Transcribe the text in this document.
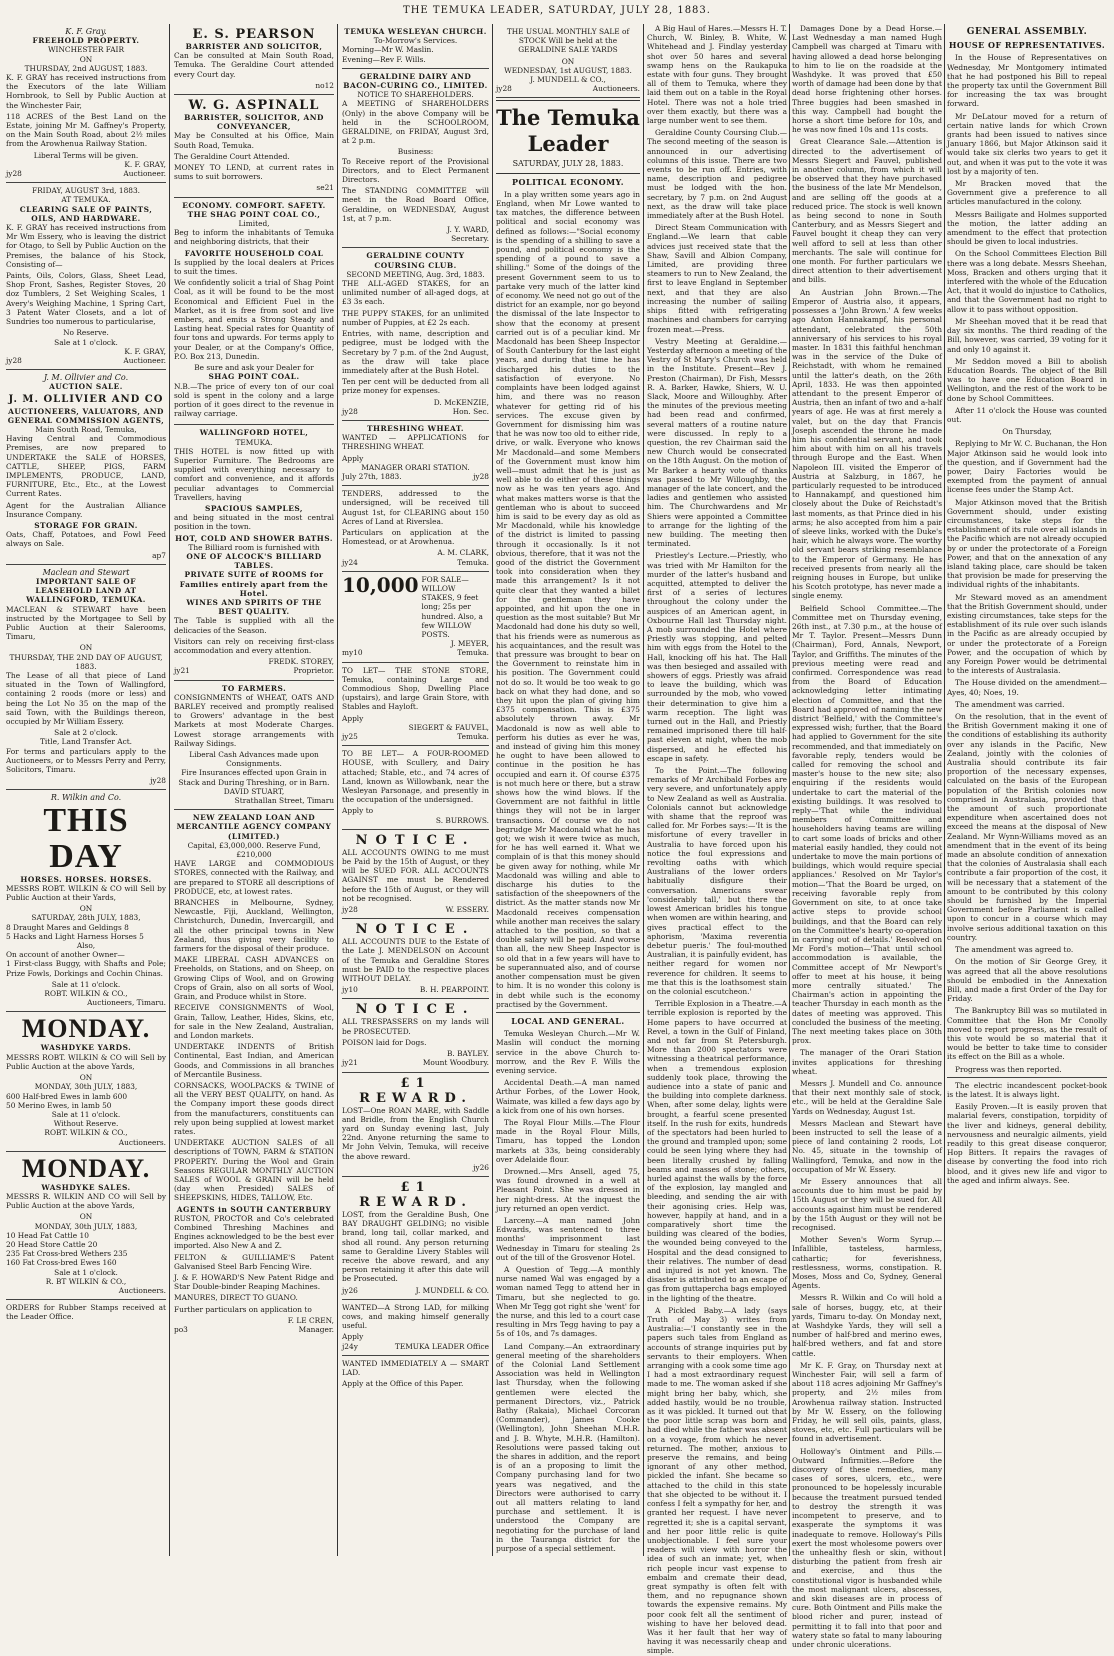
THE TEMUKA LEADER, SATURDAY, JULY 28, 1883.
K. F. Gray.
FREEHOLD PROPERTY.
WINCHESTER FAIR
ON
THURSDAY, 2nd AUGUST, 1883.

K. F. GRAY has received instructions from the Executors of the late William Hornbrook, to Sell by Public Auction at the Winchester Fair,

118 ACRES of the Best Land on the Estate, joining Mr M. Gaffney's Property, on the Main South Road, about 2½ miles from the Arowhenua Railway Station.

Liberal Terms will be given.
K. F. GRAY,
jy28	Auctioneer.
FRIDAY, AUGUST 3rd, 1883.
AT TEMUKA.
CLEARING SALE OF PAINTS, OILS, AND HARDWARE.

K. F. GRAY has received instructions from Mr Wm Essery, who is leaving the district for Otago, to Sell by Public Auction on the Premises, the balance of his Stock, Consisting of—

Paints, Oils, Colors, Glass, Sheet Lead, Shop Front, Sashes, Register Stoves, 20 doz Tumblers, 2 Set Weighing Scales, 1 Avery's Weighing Machine, 1 Spring Cart, 3 Patent Water Closets, and a lot of Sundries too numerous to particularise,

No Reserve.
Sale at 1 o'clock.
K. F. GRAY,
jy28	Auctioneer.
J. M. Ollivier and Co.
AUCTION SALE.
J. M. OLLIVIER AND CO
AUCTIONEERS, VALUATORS, AND GENERAL COMMISSION AGENTS,
Main South Road, Temuka,

Having Central and Commodious Premises, are now prepared to UNDERTAKE the SALE of HORSES, CATTLE, SHEEP, PIGS, FARM IMPLEMENTS, PRODUCE, LAND, FURNITURE, Etc., Etc., at the Lowest Current Rates.

Agent for the Australian Alliance Insurance Company.

STORAGE FOR GRAIN.

Oats, Chaff, Potatoes, and Fowl Feed always on Sale.

ap7
Maclean and Stewart
IMPORTANT SALE OF LEASEHOLD LAND AT WALLINGFORD, TEMUKA.

MACLEAN & STEWART have been instructed by the Mortgagee to Sell by Public Auction at their Salerooms, Timaru,

ON
THURSDAY, THE 2ND DAY OF AUGUST, 1883.

The Lease of all that piece of Land situated in the Town of Wallingford, containing 2 roods (more or less) and being the Lot No 35 on the map of the said Town, with the Buildings thereon, occupied by Mr William Essery.

Sale at 2 o'clock.
Title, Land Transfer Act.

For terms and particulars apply to the Auctioneers, or to Messrs Perry and Perry, Solicitors, Timaru.

jy28
R. Wilkin and Co.
THIS DAY
HORSES. HORSES. HORSES.

MESSRS ROBT. WILKIN & CO will Sell by Public Auction at their Yards,

ON
SATURDAY, 28th JULY, 1883,
8 Draught Mares and Geldings 8
5 Hacks and Light Harness Horses 5
Also,
On account of another Owner—

1 First-class Buggy, with Shafts and Pole; Prize Fowls, Dorkings and Cochin Chinas.

Sale at 11 o'clock.
ROBT. WILKIN & CO.,
Auctioneers, Timaru.
MONDAY.
WASHDYKE YARDS.

MESSRS ROBT. WILKIN & CO will Sell by Public Auction at the above Yards,

ON
MONDAY, 30th JULY, 1883,
600 Half-bred Ewes in lamb 600
50 Merino Ewes, in lamb 50
Sale at 11 o'clock.
Without Reserve.
ROBT. WILKIN & CO.,
Auctioneers.
MONDAY.
WASHDYKE SALES.

MESSRS R. WILKIN AND CO will Sell by Public Auction at the above Yards,

ON
MONDAY, 30th JULY, 1883,
10 Head Fat Cattle 10
20 Head Store Cattle 20
235 Fat Cross-bred Wethers 235
160 Fat Cross-bred Ewes 160
Sale at 1 o'clock.
R. BT WILKIN & CO.,
Auctioneers.

ORDERS for Rubber Stamps received at the Leader Office.

E. S. PEARSON
BARRISTER AND SOLICITOR,

Can be consulted at Main South Road, Temuka. The Geraldine Court attended every Court day.

no12
W. G. ASPINALL
BARRISTER, SOLICITOR, AND CONVEYANCER,

May be Consulted at his Office, Main South Road, Temuka.

The Geraldine Court Attended.

MONEY TO LEND, at current rates in sums to suit borrowers.

se21
ECONOMY. COMFORT. SAFETY.
THE SHAG POINT COAL CO.,
Limited,

Beg to inform the inhabitants of Temuka and neighboring districts, that their

FAVORITE HOUSEHOLD COAL

Is supplied by the local dealers at Prices to suit the times.

We confidently solicit a trial of Shag Point Coal, as it will be found to be the most Economical and Efficient Fuel in the Market, as it is free from soot and live embers, and emits a Strong Steady and Lasting heat. Special rates for Quantity of four tons and upwards. For terms apply to your Dealer, or at the Company's Office, P.O. Box 213, Dunedin.

Be sure and ask your Dealer for
SHAG POINT COAL.

N.B.—The price of every ton of our coal sold is spent in the colony and a large portion of it goes direct to the revenue in railway carriage.

WALLINGFORD HOTEL,
TEMUKA.

THIS HOTEL is now fitted up with Superior Furniture. The Bedrooms are supplied with everything necessary to comfort and convenience, and it affords peculiar advantages to Commercial Travellers, having

SPACIOUS SAMPLES,

and being situated in the most central position in the town.

HOT, COLD AND SHOWER BATHS.
The Billiard room is furnished with
ONE OF ALCOCK'S BILLIARD TABLES.
PRIVATE SUITE of ROOMS for Families entirely apart from the Hotel.
WINES AND SPIRITS OF THE BEST QUALITY.

The Table is supplied with all the delicacies of the Season.

Visitors can rely on receiving first-class accommodation and every attention.

FREDK. STOREY,
jy21	Proprietor.
TO FARMERS.

CONSIGNMENTS of WHEAT, OATS AND BARLEY received and promptly realised to Growers' advantage in the best Markets at most Moderate Charges. Lowest storage arrangements with Railway Sidings.

Liberal Cash Advances made upon Consignments.
Fire Insurances effected upon Grain in Stack and During Threshing, or in Barn.
DAVID STUART,
Strathallan Street, Timaru
NEW ZEALAND LOAN AND MERCANTILE AGENCY COMPANY (LIMITED.)
Capital, £3,000,000. Reserve Fund, £210,000

HAVE LARGE and COMMODIOUS STORES, connected with the Railway, and are prepared to STORE all descriptions of PRODUCE, etc, at lowest rates.

BRANCHES in Melbourne, Sydney, Newcastle, Fiji, Auckland, Wellington, Christchurch, Dunedin, Invercargill, and all the other principal towns in New Zealand, thus giving very facility to farmers for the disposal of their produce.

MAKE LIBERAL CASH ADVANCES on Freeholds, on Stations, and on Sheep, on Growing Clips of Wool, and on Growing Crops of Grain, also on all sorts of Wool, Grain, and Produce whilst in Store.

RECEIVE CONSIGNMENTS of Wool, Grain, Tallow, Leather, Hides, Skins, etc, for sale in the New Zealand, Australian, and London markets.

UNDERTAKE INDENTS of British Continental, East Indian, and American Goods, and Commissions in all branches of Mercantile Business.

CORNSACKS, WOOLPACKS & TWINE of all the VERY BEST QUALITY, on hand. As the Company import these goods direct from the manufacturers, constituents can rely upon being supplied at lowest market rates.

UNDERTAKE AUCTION SALES of all descriptions of TOWN, FARM & STATION PROPERTY. During the Wool and Grain Seasons REGULAR MONTHLY AUCTION SALES of WOOL & GRAIN will be held (day when Presided) SALES of SHEEPSKINS, HIDES, TALLOW, Etc.

AGENTS in SOUTH CANTERBURY

RUSTON, PROCTOR and Co's celebrated Combined Threshing Machines and Engines acknowledged to be the best ever imported. Also New A and Z.

FELTON & GUILLIAME'S Patent Galvanised Steel Barb Fencing Wire.

J. & F. HOWARD'S New Patent Ridge and Star Double-binder Reaping Machines.

MANURES, DIRECT TO GUANO.

Further particulars on application to

F. LE CREN,
po3	Manager.
TEMUKA WESLEYAN CHURCH.
To-Morrow's Services.
Morning—Mr W. Maslin.
Evening—Rev F. Wills.
GERALDINE DAIRY AND BACON-CURING CO., LIMITED.
NOTICE TO SHAREHOLDERS.

A MEETING of SHAREHOLDERS (Only) in the above Company will be held in the SCHOOLROOM, GERALDINE, on FRIDAY, August 3rd, at 2 p.m.

Business:

To Receive report of the Provisional Directors, and to Elect Permanent Directors.

The STANDING COMMITTEE will meet in the Road Board Office, Geraldine, on WEDNESDAY, August 1st, at 7 p.m.

J. Y. WARD,
Secretary.
GERALDINE COUNTY COURSING CLUB.
SECOND MEETING, Aug. 3rd, 1883.

THE ALL-AGED STAKES, for an unlimited number of all-aged dogs, at £3 3s each.

THE PUPPY STAKES, for an unlimited number of Puppies, at £2 2s each.

Entries, with name, description and pedigree, must be lodged with the Secretary by 7 p.m. of the 2nd August, as the draw will take place immediately after at the Bush Hotel.

Ten per cent will be deducted from all prize money for expenses.

D. McKENZIE,
jy28	Hon. Sec.
THRESHING WHEAT.

WANTED — APPLICATIONS for THRESHING WHEAT.

Apply
MANAGER ORARI STATION.
July 27th, 1883.	jy28

TENDERS, addressed to the undersigned, will be received till August 1st, for CLEARING about 150 Acres of Land at Riverslea.

Particulars on application at the Homestead, or at Arowhenua.

A. M. CLARK,
jy24	Temuka.
10,000 FOR SALE— WILLOW STAKES, 9 feet long; 25s per hundred. Also, a few WILLOW POSTS.
J. MEYER,
my10	Temuka.

TO LET— THE STONE STORE, Temuka, containing Large and Commodious Shop, Dwelling Place (upstairs), and large Grain Store, with Stables and Hayloft.

Apply
SIEGERT & FAUVEL,
jy25	Temuka.

TO BE LET— A FOUR-ROOMED HOUSE, with Scullery, and Dairy attached; Stable, etc., and 74 acres of Land, known as Willowbank, near the Wesleyan Parsonage, and presently in the occupation of the undersigned.

Apply to
S. BURROWS.
NOTICE.

ALL ACCOUNTS OWING to me must be Paid by the 15th of August, or they will be SUED FOR. ALL ACCOUNTS AGAINST me must be Rendered before the 15th of August, or they will not be recognised.

jy28	W. ESSERY.
NOTICE.

ALL ACCOUNTS DUE to the Estate of the Late J. MENDELSON on Account of the Temuka and Geraldine Stores must be PAID to the respective places WITHOUT DELAY.

jy10	B. H. PEARPOINT.
NOTICE.

ALL TRESPASSERS on my lands will be PROSECUTED.

POISON laid for Dogs.

B. BAYLEY.
jy21	Mount Woodbury.
£1 REWARD.

LOST—One ROAN MARE, with Saddle and Bridle, from the English Church yard on Sunday evening last, July 22nd. Anyone returning the same to Mr John Velvin, Temuka, will receive the above reward.

jy26
£1 REWARD.

LOST, from the Geraldine Bush, One BAY DRAUGHT GELDING; no visible brand, long tail, collar marked, and shod all round. Any person returning same to Geraldine Livery Stables will receive the above reward, and any person retaining it after this date will be Prosecuted.

jy26	J. MUNDELL & CO.

WANTED—A Strong LAD, for milking cows, and making himself generally useful.

Apply
j24y	TEMUKA LEADER Office

WANTED IMMEDIATELY A — SMART LAD.

Apply at the Office of this Paper.

THE USUAL MONTHLY SALE of STOCK Will be held at the GERALDINE SALE YARDS

ON
WEDNESDAY, 1st AUGUST, 1883.
J. MUNDELL & CO.,
jy28	Auctioneers.
The Temuka Leader
SATURDAY, JULY 28, 1883.
POLITICAL ECONOMY.

In a play written some years ago in England, when Mr Lowe wanted to tax matches, the difference between political and social economy was defined as follows:—"Social economy is the spending of a shilling to save a pound, and political economy is the spending of a pound to save a shilling." Some of the doings of the present Government seem to us to partake very much of the latter kind of economy. We need not go out of the district for an example, nor go beyond the dismissal of the late Inspector to show that the economy at present carried out is of a peculiar kind. Mr Macdonald has been Sheep Inspector of South Canterbury for the last eight years, and during that time he has discharged his duties to the satisfaction of everyone. No complaints have been lodged against him, and there was no reason whatever for getting rid of his services. The excuse given by Government for dismissing him was that he was now too old to either ride, drive, or walk. Everyone who knows Mr Macdonald—and some Members of the Government must know him well—must admit that he is just as well able to do either of these things now as he was ten years ago. And what makes matters worse is that the gentleman who is about to succeed him is said to be every day as old as Mr Macdonald, while his knowledge of the district is limited to passing through it occasionally. Is it not obvious, therefore, that it was not the good of the district the Government took into consideration when they made this arrangement? Is it not quite clear that they wanted a billet for the gentleman they have appointed, and hit upon the one in question as the most suitable? But Mr Macdonald had done his duty so well, that his friends were as numerous as his acquaintances, and the result was that pressure was brought to bear on the Government to reinstate him in his position. The Government could not do so. It would be too weak to go back on what they had done, and so they hit upon the plan of giving him £375 compensation. This is £375 absolutely thrown away. Mr Macdonald is now as well able to perform his duties as ever he was, and instead of giving him this money he ought to have been allowed to continue in the position he has occupied and earn it. Of course £375 is not much here or there, but a straw shows how the wind blows. If the Government are not faithful in little things they will not be in larger transactions. Of course we do not begrudge Mr Macdonald what he has got; we wish it were twice as much, for he has well earned it. What we complain of is that this money should be given away for nothing, while Mr Macdonald was willing and able to discharge his duties to the satisfaction of the sheepowners of the district. As the matter stands now Mr Macdonald receives compensation while another man receives the salary attached to the position, so that a double salary will be paid. And worse than all, the new Sheep Inspector is so old that in a few years will have to be superannuated also, and of course another compensation must be given to him. It is no wonder this colony is in debt while such is the economy practised by the Government.

LOCAL AND GENERAL.

Temuka Wesleyan Church.—Mr W. Maslin will conduct the morning service in the above Church to-morrow, and the Rev F. Wills the evening service.

Accidental Death.—A man named Arthur Forbes, of the Lower Hook, Waimate, was killed a few days ago by a kick from one of his own horses.

The Royal Flour Mills.—The Flour made in the Royal Flour Mills, Timaru, has topped the London markets at 33s, being considerably over Adelaide flour.

Drowned.—Mrs Ansell, aged 75, was found drowned in a well at Pleasant Point. She was dressed in her night-dress. At the inquest the jury returned an open verdict.

Larceny.—A man named John Edwards, was sentenced to three months' imprisonment last Wednesday in Timaru for stealing 2s out of the till of the Grosvenor Hotel.

A Question of Tegg.—A monthly nurse named Wal was engaged by a woman named Tegg to attend her in Timaru, but she neglected to go. When Mr Tegg got right she 'went' for the nurse, and this led to a court case resulting in Mrs Tegg having to pay a 5s of 10s, and 7s damages.

Land Company.—An extraordinary general meeting of the shareholders of the Colonial Land Settlement Association was held in Wellington last Thursday, when the following gentlemen were elected the permanent Directors, viz., Patrick Bathy (Rakaia), Michael Corcoran (Commander), James Cooke (Wellington), John Sheehan M.H.R. and J. B. Whyte, M.H.R. (Hamilton). Resolutions were passed taking out the shares in addition, and the report is of an a proposing to limit the Company purchasing land for two years was negatived, and the Directors were authorised to carry out all matters relating to land purchase and settlement. It is understood the Company are negotiating for the purchase of land in the Tauranga district for the purpose of a special settlement.

A Big Haul of Hares.—Messrs H. T. Church, W. Binley, B. White, W. Whitehead and J. Findlay yesterday shot over 50 hares and several swamp hens on the Raukapuka estate with four guns. They brought all of them to Temuka, where they laid them out on a table in the Royal Hotel. There was not a hole tried over them exactly, but there was a large number went to see them.

Geraldine County Coursing Club.—The second meeting of the season is announced in our advertising columns of this issue. There are two events to be run off. Entries, with name, description and pedigree must be lodged with the hon. secretary, by 7 p.m. on 2nd August next, as the draw will take place immediately after at the Bush Hotel.

Direct Steam Communication with England.—We learn that cable advices just received state that the Shaw, Savill and Albion Company, Limited, are providing three steamers to run to New Zealand, the first to leave England in September next, and that they are also increasing the number of sailing ships fitted with refrigerating machines and chambers for carrying frozen meat.—Press.

Vestry Meeting at Geraldine.—Yesterday afternoon a meeting of the Vestry of St Mary's Church was held in the Institute. Present—Rev J. Preston (Chairman), Dr Fish, Messrs R. A. Barker, Hawke, Shiers, W. U. Slack, Moore and Willoughby. After the minutes of the previous meeting had been read and confirmed, several matters of a routine nature were discussed. In reply to a question, the rev Chairman said the new Church would be consecrated on the 18th August. On the motion of Mr Barker a hearty vote of thanks was passed to Mr Willoughby, the manager of the late concert, and the ladies and gentlemen who assisted him. The Churchwardens and Mr Shiers were appointed a Committee to arrange for the lighting of the new building. The meeting then terminated.

Priestley's Lecture.—Priestly, who was tried with Mr Hamilton for the murder of the latter's husband and acquitted, attempted to deliver the first of a series of lectures throughout the colony under the auspices of an American agent, in Oxbourne Hall last Thursday night. A mob surrounded the Hotel where Priestly was stopping, and pelted him with eggs from the Hotel to the Hall, knocking off his hat. The Hall was then besieged and assailed with showers of eggs. Priestly was afraid to leave the building, which was surrounded by the mob, who vowed their determination to give him a warm reception. The light was turned out in the Hall, and Priestly remained imprisoned there till half-past eleven at night, when the mob dispersed, and he effected his escape in safety.

To the Point.—The following remarks of Mr Archibald Forbes are very severe, and unfortunately apply to New Zealand as well as Australia. Colonials cannot but acknowledge with shame that the reproof was called for. Mr Forbes says:—'It is the misfortune of every traveller in Australia to have forced upon his notice the foul expressions and revolting oaths with which Australians of the lower orders habitually disfigure their conversation. Americans swear 'considerably tall,' but there the lowest American bridles his tongue when women are within hearing, and gives practical effect to the aphorism, 'Maxima reverentia debetur pueris.' The foul-mouthed Australian, it is painfully evident, has neither regard for women nor reverence for children. It seems to me that this is the loathsomest stain on the colonial escutcheon.'

Terrible Explosion in a Theatre.—A terrible explosion is reported by the Home papers to have occurred at Revel, a town in the Gulf of Finland, and not far from St Petersburgh. More than 2000 spectators were witnessing a theatrical performance, when a tremendous explosion suddenly took place, throwing the audience into a state of panic and the building into complete darkness. When, after some delay, lights were brought, a fearful scene presented itself. In the rush for exits, hundreds of the spectators had been hurled to the ground and trampled upon; some could be seen lying where they had been literally crushed by falling beams and masses of stone; others, hurled against the walls by the force of the explosion, lay mangled and bleeding, and sending the air with their agonising cries. Help was, however, happily at hand, and in a comparatively short time the building was cleared of the bodies, the wounded being conveyed to the Hospital and the dead consigned to their relatives. The number of dead and injured is not yet known. The disaster is attributed to an escape of gas from guttapercha bags employed in the lighting of the theatre.

A Pickled Baby.—A lady (says Truth of May 3) writes from Australia:—'I constantly see in the papers such tales from England as accounts of strange inquiries put by servants to their employers. When arranging with a cook some time ago I had a most extraordinary request made to me. The woman asked if she might bring her baby, which, she added hastily, would be no trouble, as it was pickled. It turned out that the poor little scrap was born and had died while the father was absent on a voyage, from which he never returned. The mother, anxious to preserve the remains, and being ignorant of any other method, pickled the infant. She became so attached to the child in this state that she objected to be without it. I confess I felt a sympathy for her, and granted her request. I have never regretted it; she is a capital servant, and her poor little relic is quite unobjectionable. I feel sure your readers will view with horror the idea of such an inmate; yet, when rich people incur vast expense to embalm and cremate their dead, great sympathy is often felt with them, and no repugnance shown towards the expensive remains. My poor cook felt all the sentiment of wishing to have her beloved dead. Was it her fault that her way of having it was necessarily cheap and simple.

Damages Done by a Dead Horse.—Last Wednesday a man named Hugh Campbell was charged at Timaru with having allowed a dead horse belonging to him to lie on the roadside at the Washdyke. It was proved that £50 worth of damage had been done by that dead horse frightening other horses. Three buggies had been smashed in this way. Campbell had bought the horse a short time before for 10s, and he was now fined 10s and 11s costs.

Great Clearance Sale.—Attention is directed to the advertisement of Messrs Siegert and Fauvel, published in another column, from which it will be observed that they have purchased the business of the late Mr Mendelson, and are selling off the goods at a reduced price. The stock is well known as being second to none in South Canterbury, and as Messrs Siegert and Fauvel bought it cheap they can very well afford to sell at less than other merchants. The sale will continue for one month. For further particulars we direct attention to their advertisement and bills.

An Austrian John Brown.—The Emperor of Austria also, it appears, possesses a 'John Brown.' A few weeks ago Anton Hannakampf, his personal attendant, celebrated the 50th anniversary of his services to his royal master. In 1831 this faithful henchman was in the service of the Duke of Reichstadt, with whom he remained until the latter's death, on the 26th April, 1833. He was then appointed attendant to the present Emperor of Austria, then an infant of two and a-half years of age. He was at first merely a valet, but on the day that Francis Joseph ascended the throne he made him his confidential servant, and took him about with him on all his travels through Europe and the East. When Napoleon III. visited the Emperor of Austria at Salzburg, in 1867, he particularly requested to be introduced to Hannakampf, and questioned him closely about the Duke of Reichstadt's last moments, as that Prince died in his arms; he also accepted from him a pair of sleeve links, worked with the Duke's hair, which he always wore. The worthy old servant bears striking resemblance to the Emperor of Germany. He has received presents from nearly all the reigning houses in Europe, but unlike his Scotch prototype, has never made a single enemy.

Belfield School Committee.—The Committee met on Thursday evening, 26th inst., at 7.30 p.m., at the house of Mr T. Taylor. Present—Messrs Dunn (Chairman), Ford, Annals, Newport, Taylor, and Griffiths. The minutes of the previous meeting were read and confirmed. Correspondence was read from the Board of Education acknowledging letter intimating election of Committee, and that the Board had approved of naming the new district 'Belfield,' with the Committee's expressed wish; further, that the Board had applied to Government for the site recommended, and that immediately on favorable reply, tenders would be called for removing the school and master's house to the new site; also enquiring if the residents would undertake to cart the material of the existing buildings. It was resolved to reply—'That while the individual members of Committee and householders having teams are willing to cart some loads of bricks and other material easily handled, they could not undertake to move the main portions of buildings, which would require special appliances.' Resolved on Mr Taylor's motion—'That the Board be urged, on receiving favorable reply from Government on site, to at once take active steps to provide school buildings, and that the Board can rely on the Committee's hearty co-operation in carrying out of details.' Resolved on Mr Ford's motion—'That until school accommodation is available, the Committee accept of Mr Newport's offer to meet at his house, it being more centrally situated.' The Chairman's action in appointing the teacher Thursday in each month as the dates of meeting was approved. This concluded the business of the meeting. The next meeting takes place on 30th prox.

The manager of the Orari Station invites applications for threshing wheat.

Messrs J. Mundell and Co. announce that their next monthly sale of stock, etc., will be held at the Geraldine Sale Yards on Wednesday, August 1st.

Messrs Maclean and Stewart have been instructed to sell the lease of a piece of land containing 2 roods, Lot No. 45, situate in the township of Wallingford, Temuka, and now in the occupation of Mr W. Essery.

Mr Essery announces that all accounts due to him must be paid by 15th August or they will be sued for. All accounts against him must be rendered by the 15th August or they will not be recognised.

Mother Seven's Worm Syrup.—Infallible, tasteless, harmless, cathartic; for feverishness, restlessness, worms, constipation. R. Moses, Moss and Co, Sydney, General Agents.

Messrs R. Wilkin and Co will hold a sale of horses, buggy, etc, at their yards, Timaru to-day. On Monday next, at Washdyke Yards, they will sell a number of half-bred and merino ewes, half-bred wethers, and fat and store cattle.

Mr K. F. Gray, on Thursday next at Winchester Fair, will sell a farm of about 118 acres adjoining Mr Gaffney's property, and 2½ miles from Arowhenua railway station. Instructed by Mr W. Essery, on the following Friday, he will sell oils, paints, glass, stoves, etc, etc. Full particulars will be found in advertisement.

Holloway's Ointment and Pills.—Outward Infirmities.—Before the discovery of these remedies, many cases of sores, ulcers, etc., were pronounced to be hopelessly incurable because the treatment pursued tended to destroy the strength it was incompetent to preserve, and to exasperate the symptoms it was inadequate to remove. Holloway's Pills exert the most wholesome powers over the unhealthy flesh or skin, without disturbing the patient from fresh air and exercise, and thus the constitutional vigor is husbanded while the most malignant ulcers, abscesses, and skin diseases are in process of cure. Both Ointment and Pills make the blood richer and purer, instead of permitting it to fall into that poor and watery state so fatal to many labouring under chronic ulcerations.

GENERAL ASSEMBLY.
HOUSE OF REPRESENTATIVES.

In the House of Representatives on Wednesday, Mr Montgomery intimated that he had postponed his Bill to repeal the property tax until the Government Bill for increasing the tax was brought forward.

Mr DeLatour moved for a return of certain native lands for which Crown grants had been issued to natives since January 1866, but Major Atkinson said it would take six clerks two years to get it out, and when it was put to the vote it was lost by a majority of ten.

Mr Bracken moved that the Government give a preference to all articles manufactured in the colony.

Messrs Bailigate and Holmes supported the motion, the latter adding an amendment to the effect that protection should be given to local industries.

On the School Committees Election Bill there was a long debate. Messrs Sheehan, Moss, Bracken and others urging that it interfered with the whole of the Education Act, that it would do injustice to Catholics, and that the Government had no right to allow it to pass without opposition.

Mr Sheehan moved that it be read that day six months. The third reading of the Bill, however, was carried, 39 voting for it and only 10 against it.

Mr Seddon moved a Bill to abolish Education Boards. The object of the Bill was to have one Education Board in Wellington, and the rest of the work to be done by School Committees.

After 11 o'clock the House was counted out.

On Thursday,

Replying to Mr W. C. Buchanan, the Hon Major Atkinson said he would look into the question, and if Government had the power, Dairy Factories would be exempted from the payment of annual license fees under the Stamp Act.

Major Atkinson moved that the British Government should, under existing circumstances, take steps for the establishment of its rule over all islands in the Pacific which are not already occupied by or under the protectorate of a Foreign Power, and that on the annexation of any island taking place, care should be taken that provision be made for preserving the individual rights of the inhabitants.

Mr Steward moved as an amendment that the British Government should, under existing circumstances, take steps for the establishment of its rule over such islands in the Pacific as are already occupied by or under the protectorate of a Foreign Power, and the occupation of which by any Foreign Power would be detrimental to the interests of Australasia.

The House divided on the amendment—Ayes, 40; Noes, 19.

The amendment was carried.

On the resolution, that in the event of the British Government making it one of the conditions of establishing its authority over any islands in the Pacific, New Zealand, jointly with the colonies of Australia should contribute its fair proportion of the necessary expenses, calculated on the basis of the European population of the British colonies now comprised in Australasia, provided that the amount of such proportionate expenditure when ascertained does not exceed the means at the disposal of New Zealand. Mr Wynn-Williams moved as an amendment that in the event of its being made an absolute condition of annexation that the colonies of Australasia shall each contribute a fair proportion of the cost, it will be necessary that a statement of the amount to be contributed by this colony should be furnished by the Imperial Government before Parliament is called upon to concur in a course which may involve serious additional taxation on this country.

The amendment was agreed to.

On the motion of Sir George Grey, it was agreed that all the above resolutions should be embodied in the Annexation Bill, and made a first Order of the Day for Friday.

The Bankruptcy Bill was so mutilated in Committee that the Hon Mr Conolly moved to report progress, as the result of this vote would be so material that it would be better to take time to consider its effect on the Bill as a whole.

Progress was then reported.

The electric incandescent pocket-book is the latest. It is always light.

Easily Proven.—It is easily proven that malarial fevers, constipation, torpidity of the liver and kidneys, general debility, nervousness and neuralgic ailments, yield readily to this great disease conqueror, Hop Bitters. It repairs the ravages of disease by converting the food into rich blood, and it gives new life and vigor to the aged and infirm always. See.
